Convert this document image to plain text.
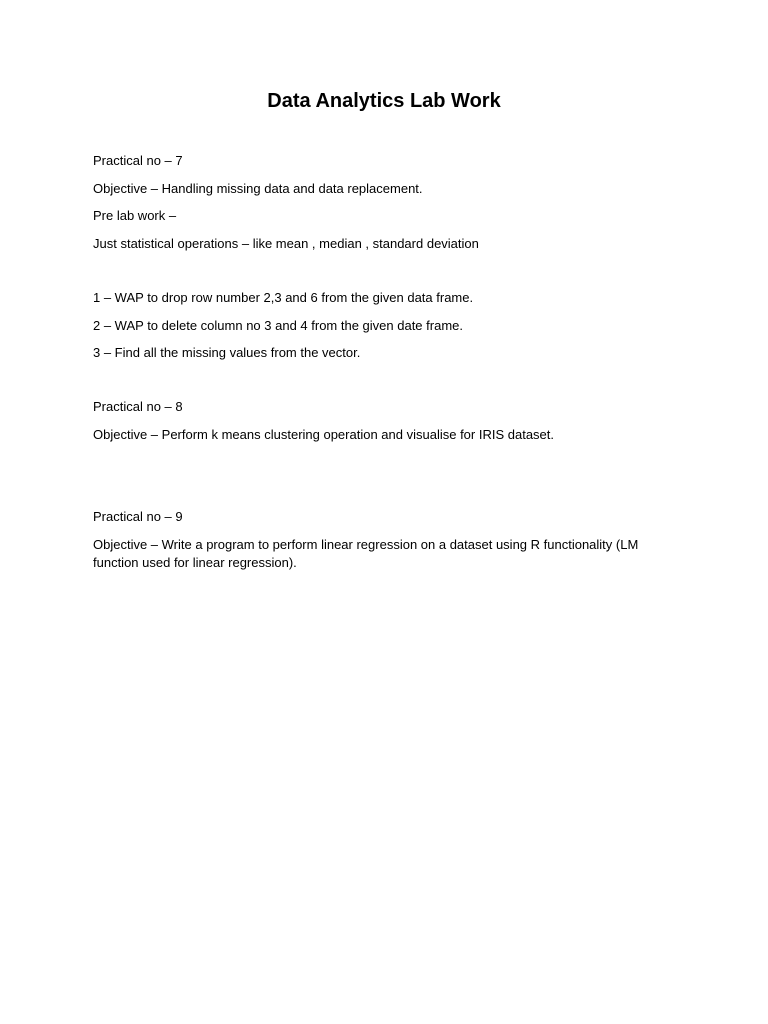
Data Analytics Lab Work

Practical no – 7

Objective – Handling missing data and data replacement.

Pre lab work –

Just statistical operations – like mean , median , standard deviation

1 – WAP to drop row number 2,3 and 6 from the given data frame.

2 – WAP to delete column no 3 and 4 from the given date frame.

3 – Find all the missing values from the vector.

Practical no – 8

Objective – Perform k means clustering operation and visualise for IRIS dataset.

Practical no – 9

Objective – Write a program to perform linear regression on a dataset using R functionality (LM function used for linear regression).
